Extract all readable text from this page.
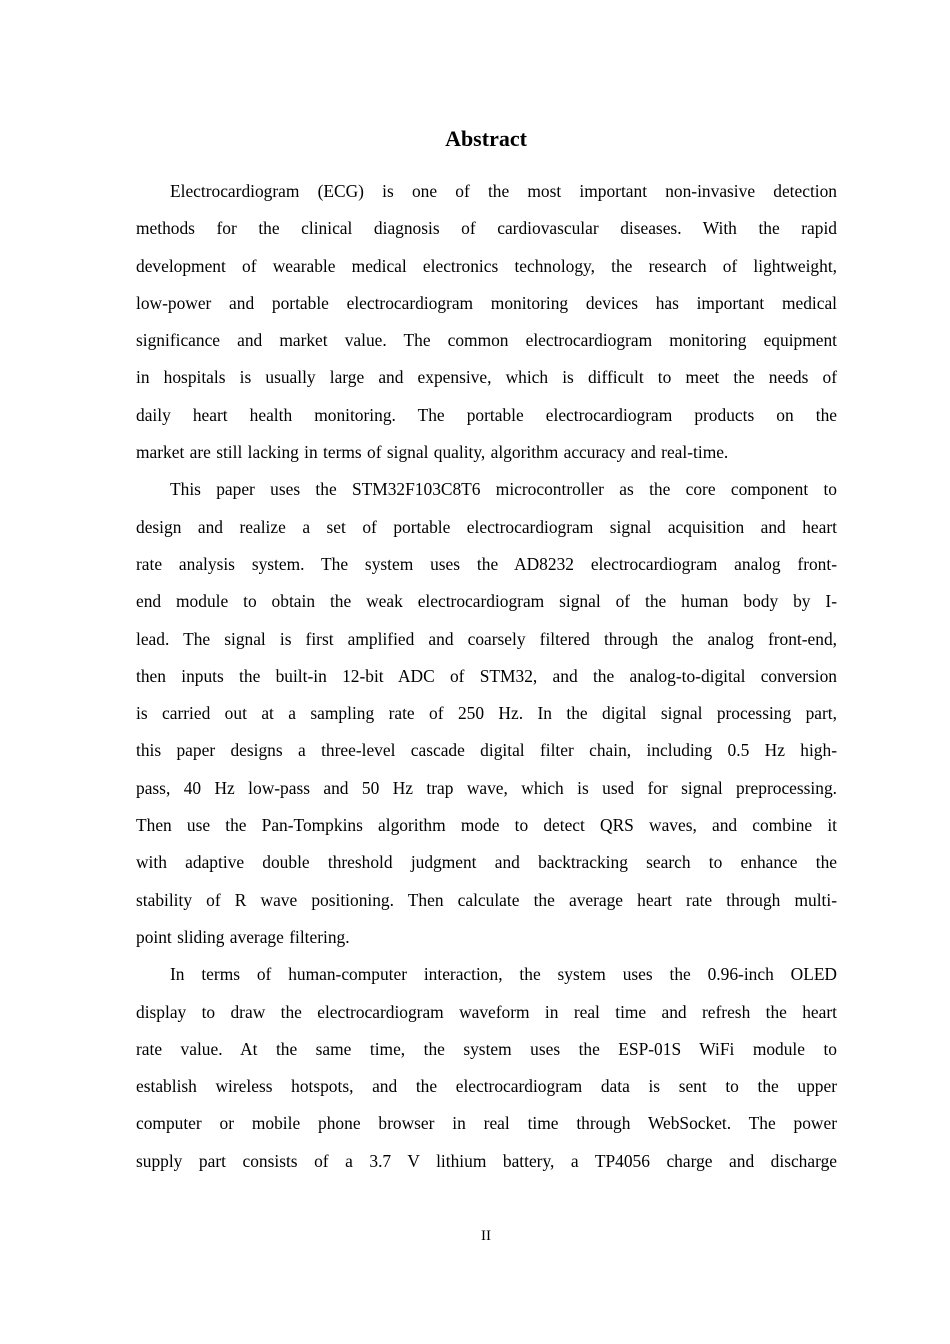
Abstract

Electrocardiogram (ECG) is one of the most important non-invasive detection

methods for the clinical diagnosis of cardiovascular diseases. With the rapid

development of wearable medical electronics technology, the research of lightweight,

low-power and portable electrocardiogram monitoring devices has important medical

significance and market value. The common electrocardiogram monitoring equipment

in hospitals is usually large and expensive, which is difficult to meet the needs of

daily heart health monitoring. The portable electrocardiogram products on the

market are still lacking in terms of signal quality, algorithm accuracy and real-time.

This paper uses the STM32F103C8T6 microcontroller as the core component to

design and realize a set of portable electrocardiogram signal acquisition and heart

rate analysis system. The system uses the AD8232 electrocardiogram analog front-

end module to obtain the weak electrocardiogram signal of the human body by I-

lead. The signal is first amplified and coarsely filtered through the analog front-end,

then inputs the built-in 12-bit ADC of STM32, and the analog-to-digital conversion

is carried out at a sampling rate of 250 Hz. In the digital signal processing part,

this paper designs a three-level cascade digital filter chain, including 0.5 Hz high-

pass, 40 Hz low-pass and 50 Hz trap wave, which is used for signal preprocessing.

Then use the Pan-Tompkins algorithm mode to detect QRS waves, and combine it

with adaptive double threshold judgment and backtracking search to enhance the

stability of R wave positioning. Then calculate the average heart rate through multi-

point sliding average filtering.

In terms of human-computer interaction, the system uses the 0.96-inch OLED

display to draw the electrocardiogram waveform in real time and refresh the heart

rate value. At the same time, the system uses the ESP-01S WiFi module to

establish wireless hotspots, and the electrocardiogram data is sent to the upper

computer or mobile phone browser in real time through WebSocket. The power

supply part consists of a 3.7 V lithium battery, a TP4056 charge and discharge

II
